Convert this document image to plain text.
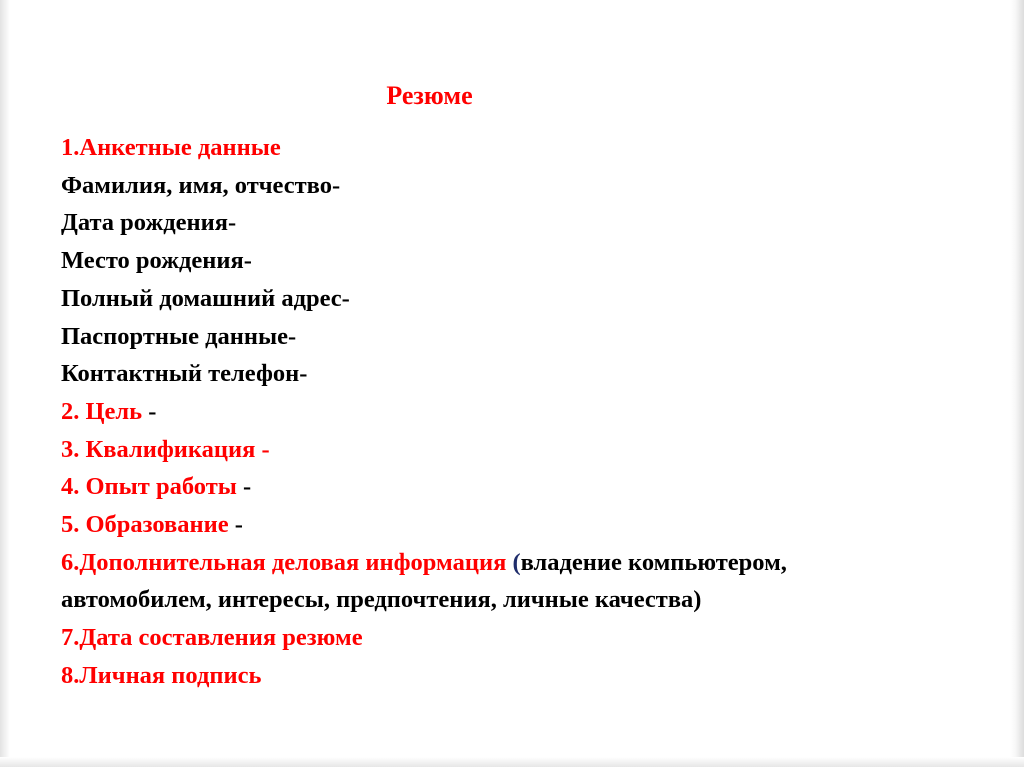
Резюме
1.Анкетные данные
Фамилия, имя, отчество-
Дата рождения-
Место рождения-
Полный домашний адрес-
Паспортные данные-
Контактный телефон-
2. Цель -
3. Квалификация -
4. Опыт работы -
5. Образование -
6.Дополнительная деловая информация (владение компьютером,
автомобилем, интересы, предпочтения, личные качества)
7.Дата составления резюме
8.Личная подпись
